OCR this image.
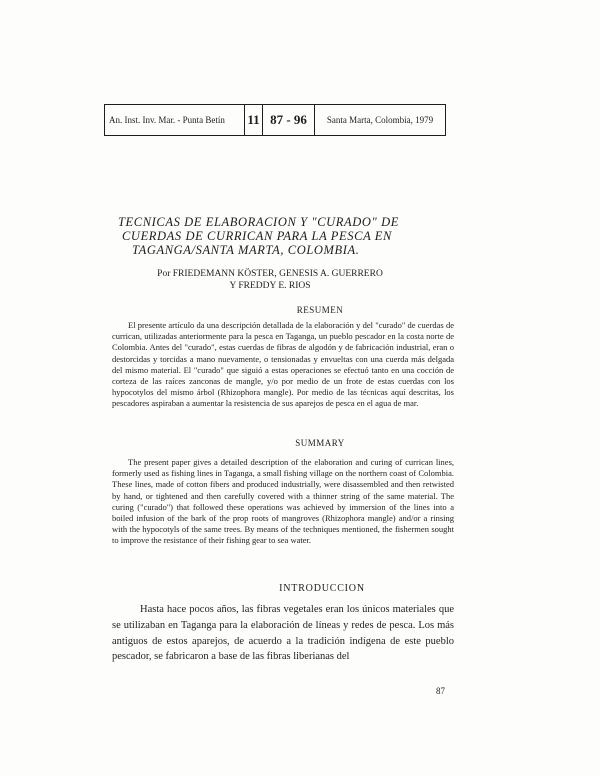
An. Inst. Inv. Mar. - Punta Betín	11 87 - 96	Santa Marta, Colombia, 1979
TECNICAS DE ELABORACION Y "CURADO" DE
CUERDAS DE CURRICAN PARA LA PESCA EN
TAGANGA/SANTA MARTA, COLOMBIA.

Por FRIEDEMANN KÖSTER, GENESIS A. GUERRERO
Y FREDDY E. RIOS

RESUMEN

El presente artículo da una descripción detallada de la elaboración y del "curado" de cuerdas de currican, utilizadas anteriormente para la pesca en Taganga, un pueblo pescador en la costa norte de Colombia. Antes del "curado", estas cuerdas de fibras de algodón y de fabricación industrial, eran o destorcidas y torcidas a mano nuevamente, o tensionadas y envueltas con una cuerda más delgada del mismo material. El "curado" que siguió a estas operaciones se efectuó tanto en una cocción de corteza de las raíces zanconas de mangle, y/o por medio de un frote de estas cuerdas con los hypocotylos del mismo árbol (Rhizophora mangle). Por medio de las técnicas aquí descritas, los pescadores aspiraban a aumentar la resistencia de sus aparejos de pesca en el agua de mar.

SUMMARY

The present paper gives a detailed description of the elaboration and curing of currican lines, formerly used as fishing lines in Taganga, a small fishing village on the northern coast of Colombia. These lines, made of cotton fibers and produced industrially, were disassembled and then retwisted by hand, or tightened and then carefully covered with a thinner string of the same material. The curing ("curado") that followed these operations was achieved by immersion of the lines into a boiled infusion of the bark of the prop roots of mangroves (Rhizophora mangle) and/or a rinsing with the hypocotyls of the same trees. By means of the techniques mentioned, the fishermen sought to improve the resistance of their fishing gear to sea water.

INTRODUCCION

Hasta hace pocos años, las fibras vegetales eran los únicos materiales que se utilizaban en Taganga para la elaboración de líneas y redes de pesca. Los más antiguos de estos aparejos, de acuerdo a la tradición indígena de este pueblo pescador, se fabricaron a base de las fibras liberianas del

87
